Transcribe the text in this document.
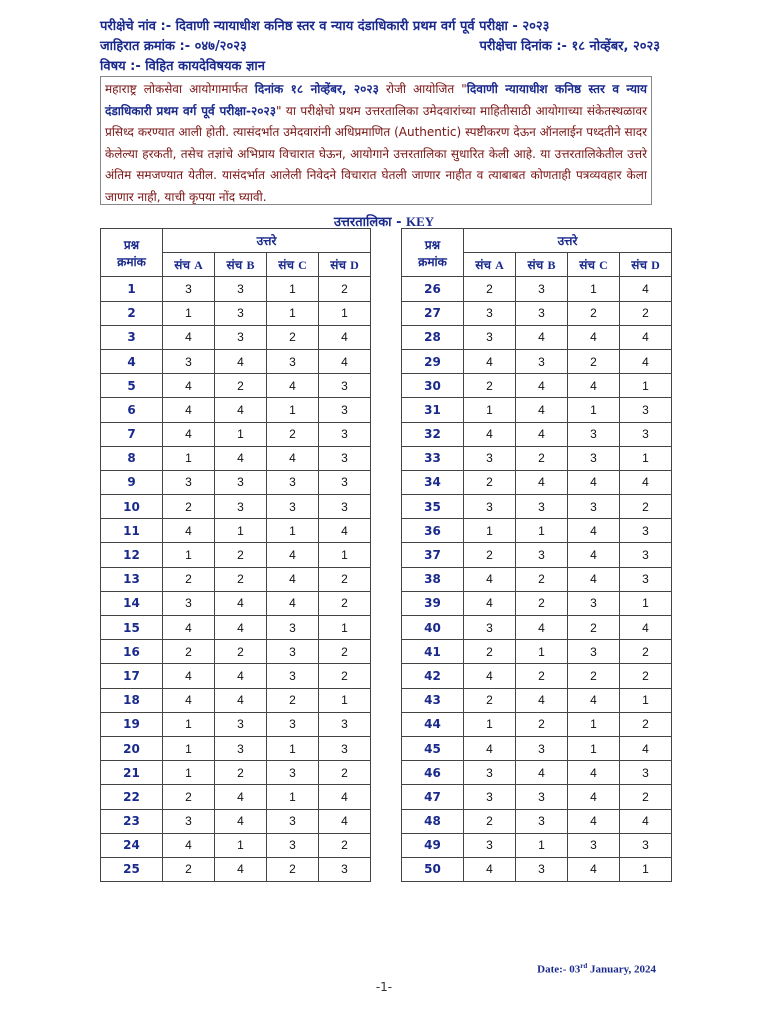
परीक्षेचे नांव :- दिवाणी न्यायाधीश कनिष्ठ स्तर व न्याय दंडाधिकारी प्रथम वर्ग पूर्व परीक्षा - २०२३
जाहिरात क्रमांक :- ०४७/२०२३	परीक्षेचा दिनांक :- १८ नोव्हेंबर, २०२३
विषय :- विहित कायदेविषयक ज्ञान
महाराष्ट्र लोकसेवा आयोगामार्फत दिनांक १८ नोव्हेंबर, २०२३ रोजी आयोजित "दिवाणी न्यायाधीश कनिष्ठ स्तर व न्याय दंडाधिकारी प्रथम वर्ग पूर्व परीक्षा-२०२३" या परीक्षेचो प्रथम उत्तरतालिका उमेदवारांच्या माहितीसाठी आयोगाच्या संकेतस्थळावर प्रसिध्द करण्यात आली होती. त्यासंदर्भात उमेदवारांनी अधिप्रमाणित (Authentic) स्पष्टीकरण देऊन ऑनलाईन पध्दतीने सादर केलेल्या हरकती, तसेच तज्ञांचे अभिप्राय विचारात घेऊन, आयोगाने उत्तरतालिका सुधारित केली आहे. या उत्तरतालिकेतील उत्तरे अंतिम समजण्यात येतील. यासंदर्भात आलेली निवेदने विचारात घेतली जाणार नाहीत व त्याबाबत कोणताही पत्रव्यवहार केला जाणार नाही, याची कृपया नोंद घ्यावी.
उत्तरतालिका - KEY
प्रश्न
क्रमांक	उत्तरे			
	संच A	संच B	संच C	संच D
1	3	3	1	2
2	1	3	1	1
3	4	3	2	4
4	3	4	3	4
5	4	2	4	3
6	4	4	1	3
7	4	1	2	3
8	1	4	4	3
9	3	3	3	3
10	2	3	3	3
11	4	1	1	4
12	1	2	4	1
13	2	2	4	2
14	3	4	4	2
15	4	4	3	1
16	2	2	3	2
17	4	4	3	2
18	4	4	2	1
19	1	3	3	3
20	1	3	1	3
21	1	2	3	2
22	2	4	1	4
23	3	4	3	4
24	4	1	3	2
25	2	4	2	3
प्रश्न
क्रमांक	उत्तरे			
	संच A	संच B	संच C	संच D
26	2	3	1	4
27	3	3	2	2
28	3	4	4	4
29	4	3	2	4
30	2	4	4	1
31	1	4	1	3
32	4	4	3	3
33	3	2	3	1
34	2	4	4	4
35	3	3	3	2
36	1	1	4	3
37	2	3	4	3
38	4	2	4	3
39	4	2	3	1
40	3	4	2	4
41	2	1	3	2
42	4	2	2	2
43	2	4	4	1
44	1	2	1	2
45	4	3	1	4
46	3	4	4	3
47	3	3	4	2
48	2	3	4	4
49	3	1	3	3
50	4	3	4	1
Date:- 03rd January, 2024
-1-
